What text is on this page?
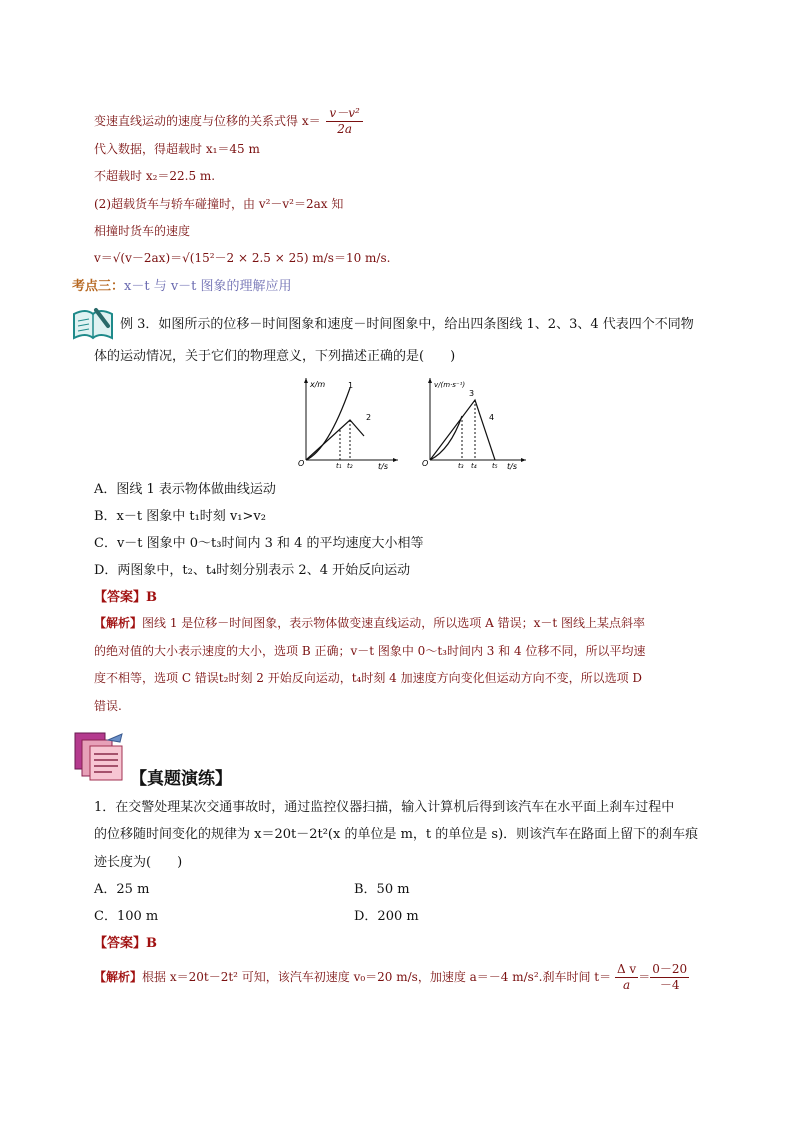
变速直线运动的速度与位移的关系式得 $x= \frac{\text{v－v²}}{2a}$
代入数据，得超载时 x₁＝45 m
不超载时 x₂＝22.5 m.
(2)超载货车与轿车碰撞时，由 v²－v²＝2ax 知
相撞时货车的速度
v＝√(v－2ax)＝√(15²－2 × 2.5 × 25) m/s＝10 m/s.
考点三：x－t 与 v－t 图象的理解应用
例 3．如图所示的位移－时间图象和速度－时间图象中，给出四条图线 1、2、3、4 代表四个不同物
体的运动情况，关于它们的物理意义，下列描述正确的是(　　)
x/m
t/s
O	t₁ t₂
1
2
v/(m·s⁻¹)
t/s
O	t₃ t₄ t₅
3
4
A．图线 1 表示物体做曲线运动
B．x－t 图象中 t₁时刻 v₁>v₂
C．v－t 图象中 0～t₃时间内 3 和 4 的平均速度大小相等
D．两图象中，t₂、t₄时刻分别表示 2、4 开始反向运动
【答案】B
【解析】图线 1 是位移－时间图象，表示物体做变速直线运动，所以选项 A 错误；x－t 图线上某点斜率
的绝对值的大小表示速度的大小，选项 B 正确；v－t 图象中 0～t₃时间内 3 和 4 位移不同，所以平均速
度不相等，选项 C 错误t₂时刻 2 开始反向运动，t₄时刻 4 加速度方向变化但运动方向不变，所以选项 D
错误.
【真题演练】
1．在交警处理某次交通事故时，通过监控仪器扫描，输入计算机后得到该汽车在水平面上刹车过程中
的位移随时间变化的规律为 x＝20t－2t²(x 的单位是 m，t 的单位是 s)．则该汽车在路面上留下的刹车痕
迹长度为(　　)
A．25 m	B．50 m
C．100 m	D．200 m
【答案】B
【解析】根据 x＝20t－2t² 可知，该汽车初速度 v₀＝20 m/s，加速度 a＝－4 m/s².刹车时间 $t= \frac{\text{Δ v}}{a} = \frac{0-20}{-4}$
